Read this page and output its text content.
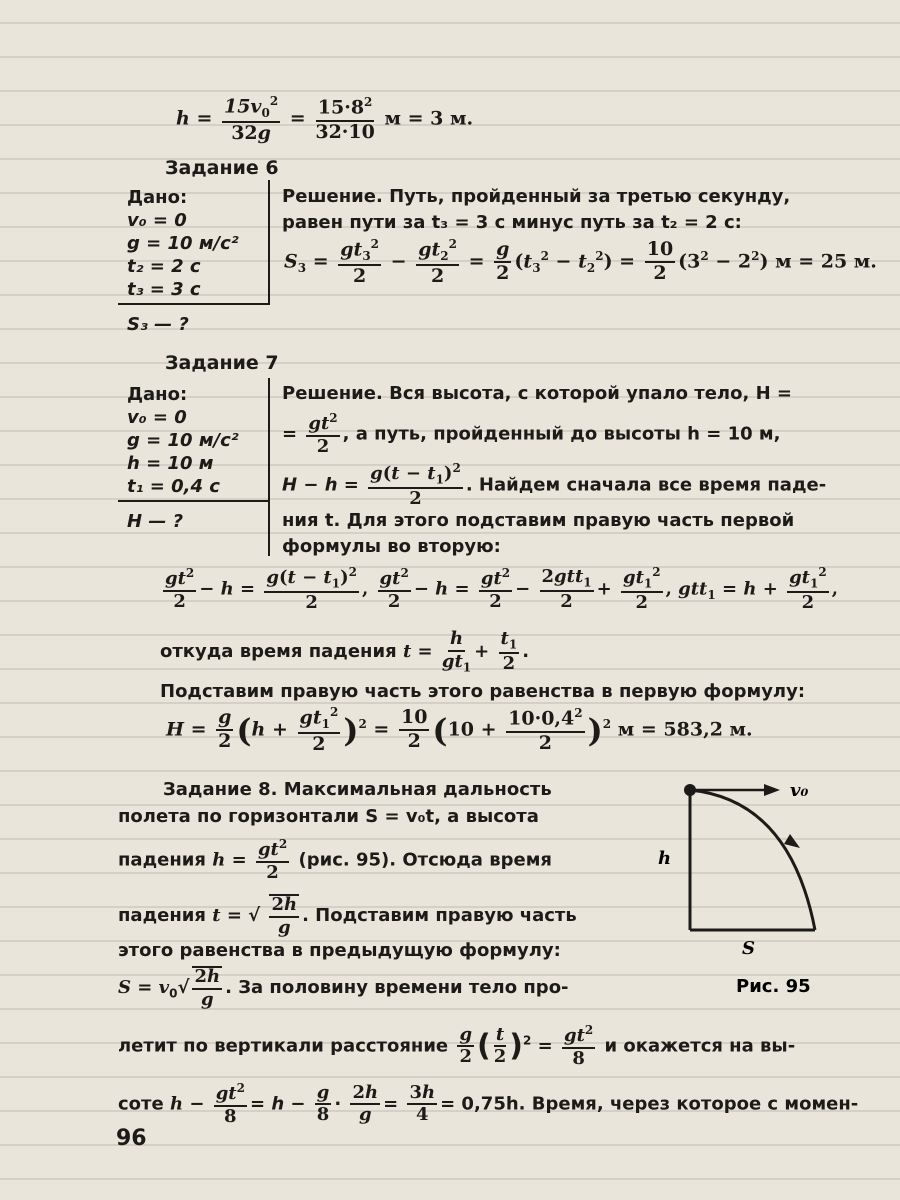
$h = \frac{15v_0^2}{32g} = \frac{15\cdot 8^2}{32\cdot 10}$ м = 3 м.
Задание 6
Дано:
v₀ = 0
g = 10 м/с²
t₂ = 2 с
t₃ = 3 с
S₃ — ?
Решение. Путь, пройденный за третью секунду,
равен пути за t₃ = 3 с минус путь за t₂ = 2 с:
$S_3 = \frac{gt_3^2}{2} - \frac{gt_2^2}{2} = \frac{g}{2} (t_3^2 - t_2^2) = \frac{10}{2} (3^2 - 2^2) м = 25$ м.
Задание 7
Дано:
v₀ = 0
g = 10 м/с²
h = 10 м
t₁ = 0,4 с
H — ?
Решение. Вся высота, с которой упало тело, H =
= $\frac{gt^2}{2}$ , а путь, пройденный до высоты h = 10 м,
$H - h = \frac{g(t - t_1)^2}{2}$ . Найдем сначала все время паде-
ния t. Для этого подставим правую часть первой
формулы во вторую:
$\frac{gt^2}{2} - h = \frac{g(t - t_1)^2}{2}$ , $\frac{gt^2}{2} - h = \frac{gt^2}{2} - \frac{2gtt_1}{2} + \frac{gt_1^2}{2}$ , $gtt_1 = h + \frac{gt_1^2}{2}$ ,
откуда время падения $t = \frac{h}{gt_1} + \frac{t_1}{2}$ .
Подставим правую часть этого равенства в первую формулу:
$H = \frac{g}{2} (h + \frac{gt_1^2}{2} )^2 = \frac{10}{2} (10 + \frac{10\cdot 0,4^2}{2} )^2$ м = 583,2 м.
Задание 8. Максимальная дальность
полета по горизонтали S = v₀t, а высота
падения $h = \frac{gt^2}{2} (рис$. 95). Отсюда время
падения t = √ $\frac{2h}{g}$ . Подставим правую часть
этого равенства в предыдущую формулу:
$S = v_0√ \frac{2h}{g}$ . За половину времени тело про-
летит по вертикали расстояние $\frac{g}{2}$ ( $\frac{t}{2} )^2 = \frac{gt^2}{8}$ и окажется на вы-
соте $h - \frac{gt^2}{8} = h - \frac{g}{8} \cdot \frac{2h}{g} = \frac{3h}{4} = 0,75h$. Время, через которое с момен-
v₀
h
S
Рис. 95
96
